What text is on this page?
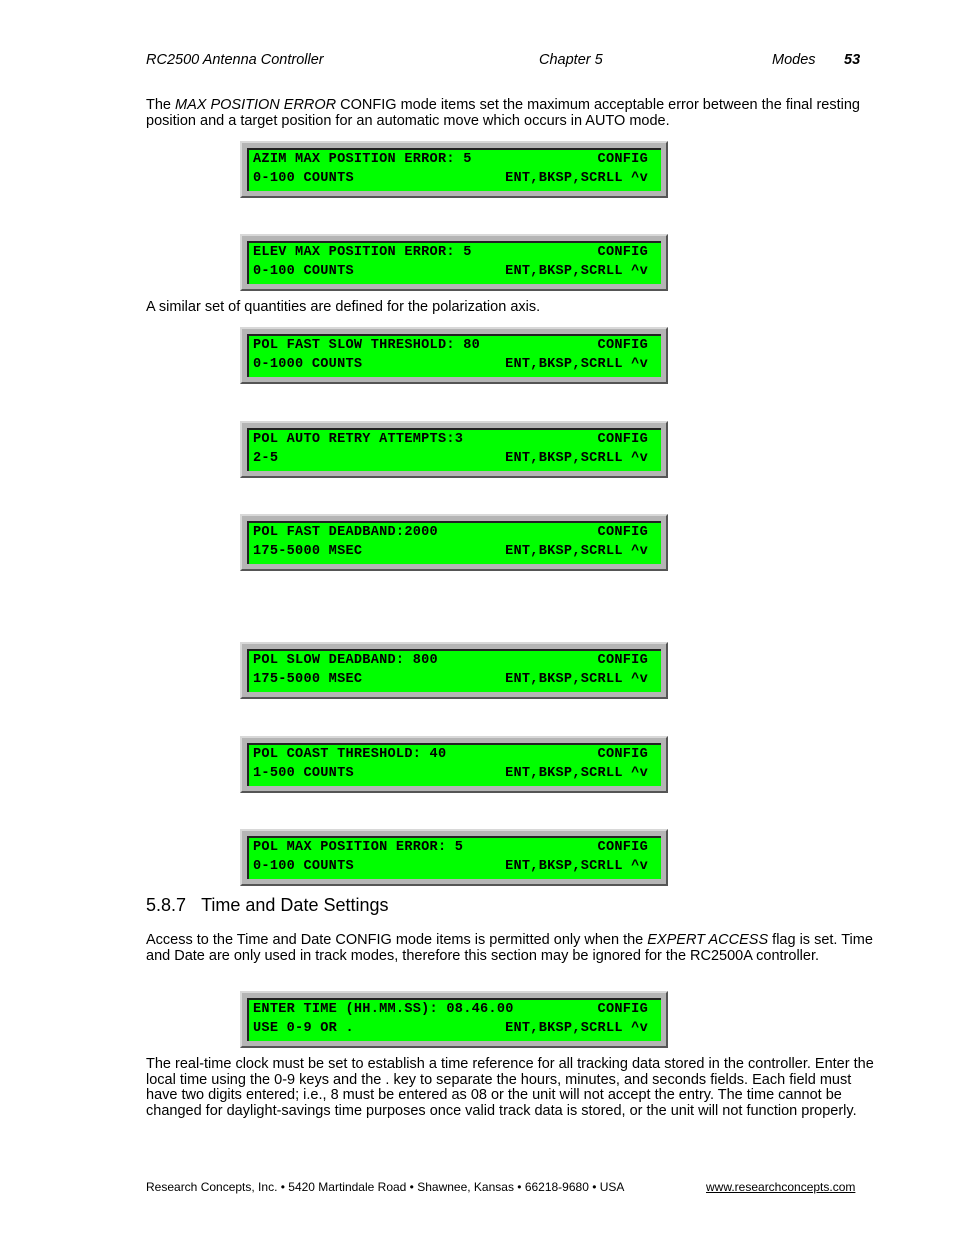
RC2500 Antenna Controller	Chapter 5	Modes 53
The MAX POSITION ERROR CONFIG mode items set the maximum acceptable error between the final resting position and a target position for an automatic move which occurs in AUTO mode.
AZIM MAX POSITION ERROR: 5	CONFIG
0-100 COUNTS	ENT,BKSP,SCRLL ^v
ELEV MAX POSITION ERROR: 5	CONFIG
0-100 COUNTS	ENT,BKSP,SCRLL ^v
A similar set of quantities are defined for the polarization axis.
POL FAST SLOW THRESHOLD: 80	CONFIG
0-1000 COUNTS	ENT,BKSP,SCRLL ^v
POL AUTO RETRY ATTEMPTS:3	CONFIG
2-5	ENT,BKSP,SCRLL ^v
POL FAST DEADBAND:2000	CONFIG
175-5000 MSEC	ENT,BKSP,SCRLL ^v
POL SLOW DEADBAND: 800	CONFIG
175-5000 MSEC	ENT,BKSP,SCRLL ^v
POL COAST THRESHOLD: 40	CONFIG
1-500 COUNTS	ENT,BKSP,SCRLL ^v
POL MAX POSITION ERROR: 5	CONFIG
0-100 COUNTS	ENT,BKSP,SCRLL ^v
5.8.7 Time and Date Settings
Access to the Time and Date CONFIG mode items is permitted only when the EXPERT ACCESS flag is set. Time and Date are only used in track modes, therefore this section may be ignored for the RC2500A controller.
ENTER TIME (HH.MM.SS): 08.46.00	CONFIG
USE 0-9 OR .	ENT,BKSP,SCRLL ^v
The real-time clock must be set to establish a time reference for all tracking data stored in the controller. Enter the local time using the 0-9 keys and the . key to separate the hours, minutes, and seconds fields. Each field must have two digits entered; i.e., 8 must be entered as 08 or the unit will not accept the entry. The time cannot be changed for daylight-savings time purposes once valid track data is stored, or the unit will not function properly.
Research Concepts, Inc. • 5420 Martindale Road • Shawnee, Kansas • 66218-9680 • USA	www.researchconcepts.com
